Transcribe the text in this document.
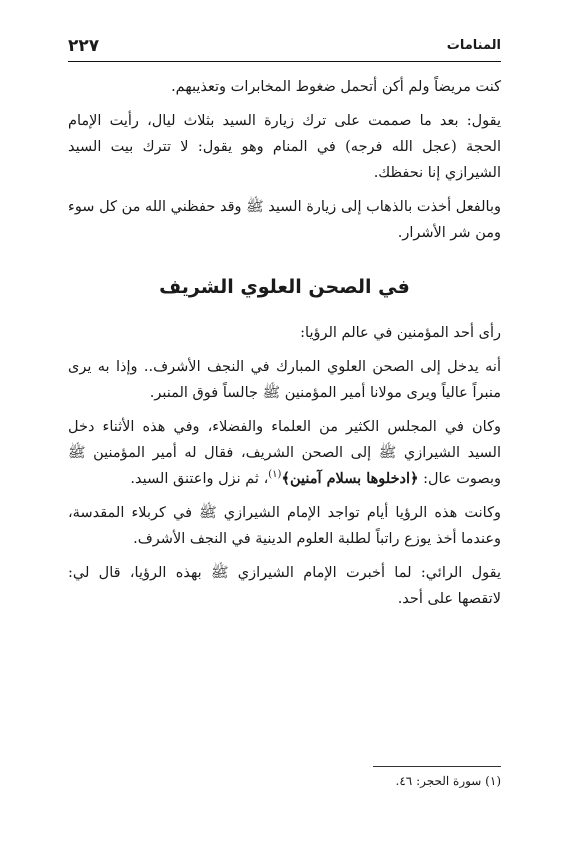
٢٢٧	المنامات

كنت مريضاً ولم أكن أتحمل ضغوط المخابرات وتعذيبهم.

يقول: بعد ما صممت على ترك زيارة السيد بثلاث ليال، رأيت الإمام الحجة (عجل الله فرجه) في المنام وهو يقول: لا تترك بيت السيد الشيرازي إنا نحفظك.

وبالفعل أخذت بالذهاب إلى زيارة السيد ﷺ وقد حفظني الله من كل سوء ومن شر الأشرار.

في الصحن العلوي الشريف

رأى أحد المؤمنين في عالم الرؤيا:

أنه يدخل إلى الصحن العلوي المبارك في النجف الأشرف.. وإذا به يرى منبراً عالياً ويرى مولانا أمير المؤمنين ﷺ جالساً فوق المنبر.

وكان في المجلس الكثير من العلماء والفضلاء، وفي هذه الأثناء دخل السيد الشيرازي ﷺ إلى الصحن الشريف، فقال له أمير المؤمنين ﷺ وبصوت عال: ﴿ادخلوها بسلام آمنين﴾$^{(١)}$، ثم نزل واعتنق السيد.

وكانت هذه الرؤيا أيام تواجد الإمام الشيرازي ﷺ في كربلاء المقدسة، وعندما أخذ يوزع راتباً لطلبة العلوم الدينية في النجف الأشرف.

يقول الرائي: لما أخبرت الإمام الشيرازي ﷺ بهذه الرؤيا، قال لي: لاتقصها على أحد.

(١) سورة الحجر: ٤٦.
